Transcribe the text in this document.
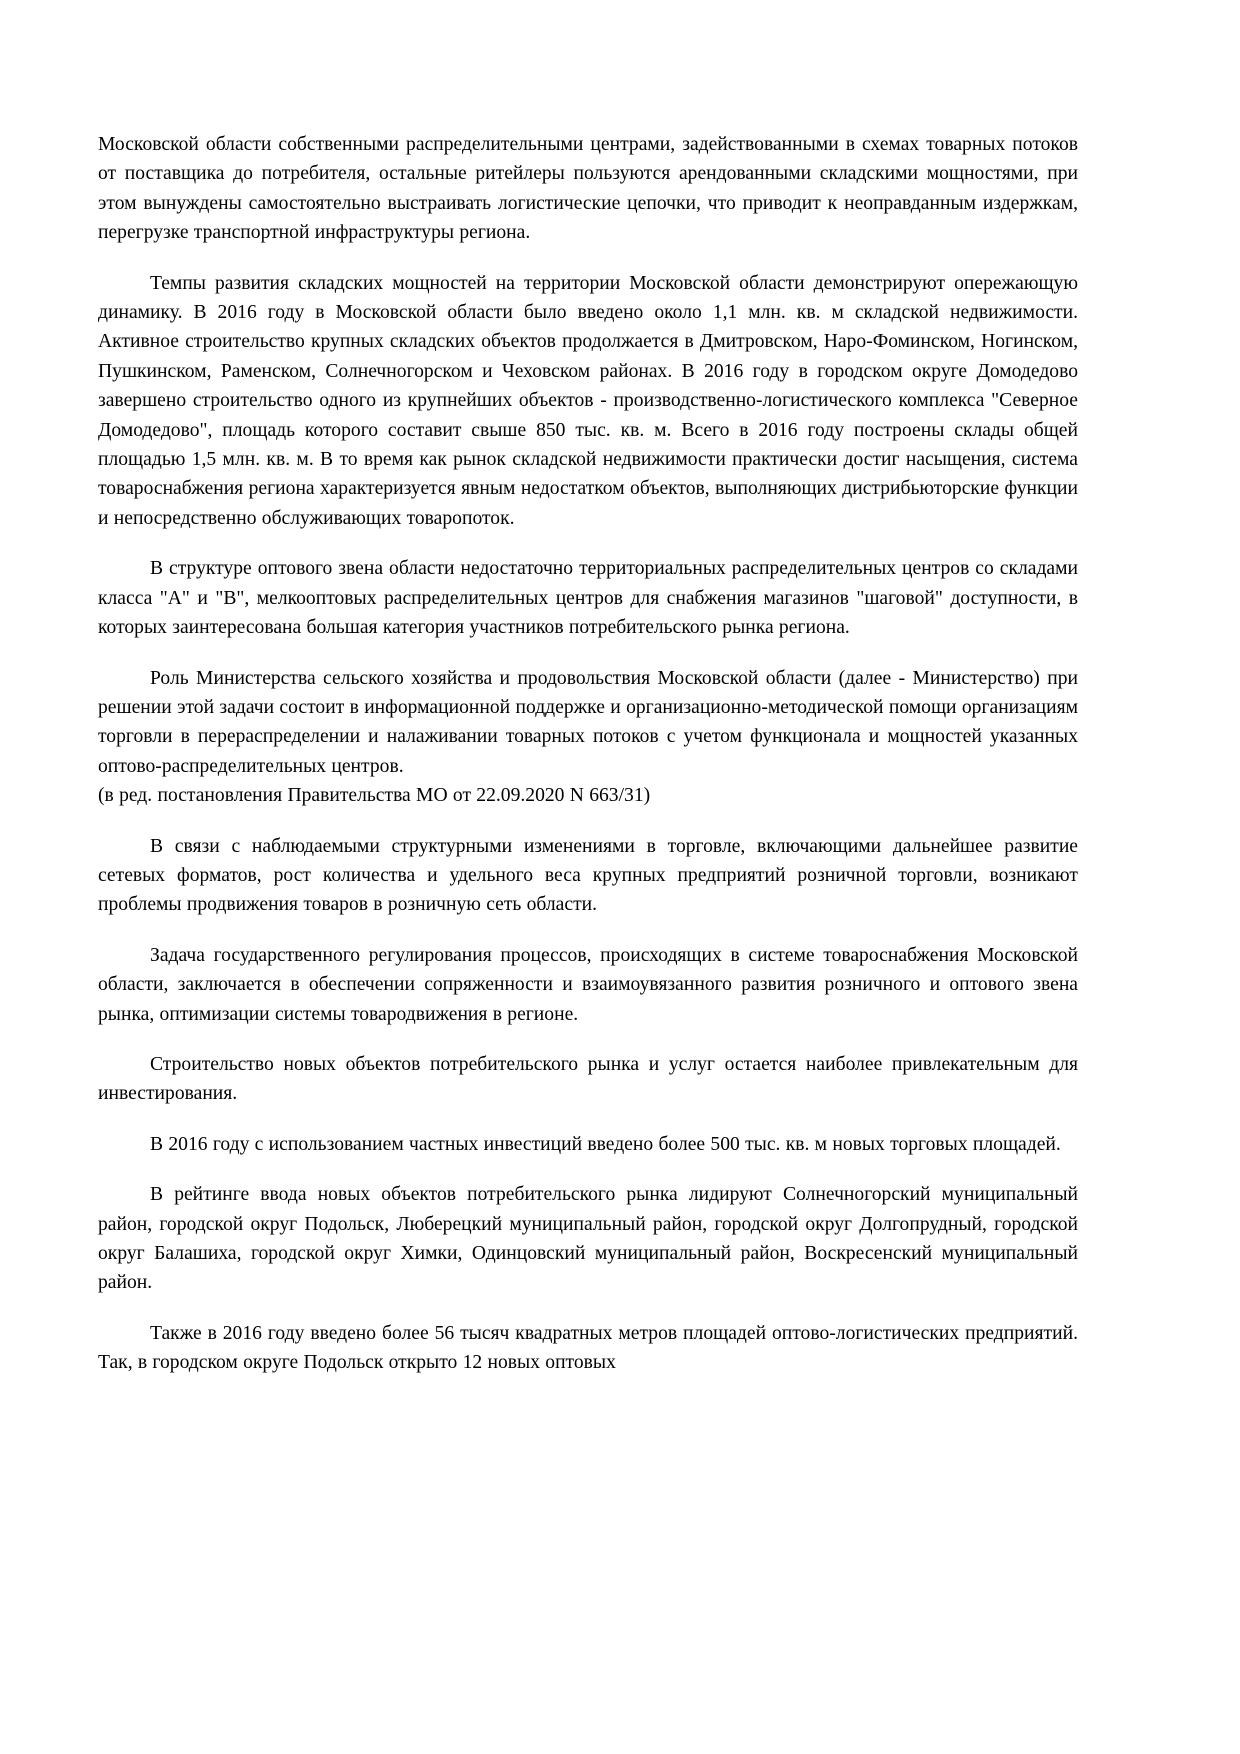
Московской области собственными распределительными центрами, задействованными в схемах товарных потоков от поставщика до потребителя, остальные ритейлеры пользуются арендованными складскими мощностями, при этом вынуждены самостоятельно выстраивать логистические цепочки, что приводит к неоправданным издержкам, перегрузке транспортной инфраструктуры региона.

Темпы развития складских мощностей на территории Московской области демонстрируют опережающую динамику. В 2016 году в Московской области было введено около 1,1 млн. кв. м складской недвижимости. Активное строительство крупных складских объектов продолжается в Дмитровском, Наро-Фоминском, Ногинском, Пушкинском, Раменском, Солнечногорском и Чеховском районах. В 2016 году в городском округе Домодедово завершено строительство одного из крупнейших объектов - производственно-логистического комплекса "Северное Домодедово", площадь которого составит свыше 850 тыс. кв. м. Всего в 2016 году построены склады общей площадью 1,5 млн. кв. м. В то время как рынок складской недвижимости практически достиг насыщения, система товароснабжения региона характеризуется явным недостатком объектов, выполняющих дистрибьюторские функции и непосредственно обслуживающих товаропоток.

В структуре оптового звена области недостаточно территориальных распределительных центров со складами класса "А" и "В", мелкооптовых распределительных центров для снабжения магазинов "шаговой" доступности, в которых заинтересована большая категория участников потребительского рынка региона.

Роль Министерства сельского хозяйства и продовольствия Московской области (далее - Министерство) при решении этой задачи состоит в информационной поддержке и организационно-методической помощи организациям торговли в перераспределении и налаживании товарных потоков с учетом функционала и мощностей указанных оптово-распределительных центров.

(в ред. постановления Правительства МО от 22.09.2020 N 663/31)

В связи с наблюдаемыми структурными изменениями в торговле, включающими дальнейшее развитие сетевых форматов, рост количества и удельного веса крупных предприятий розничной торговли, возникают проблемы продвижения товаров в розничную сеть области.

Задача государственного регулирования процессов, происходящих в системе товароснабжения Московской области, заключается в обеспечении сопряженности и взаимоувязанного развития розничного и оптового звена рынка, оптимизации системы товародвижения в регионе.

Строительство новых объектов потребительского рынка и услуг остается наиболее привлекательным для инвестирования.

В 2016 году с использованием частных инвестиций введено более 500 тыс. кв. м новых торговых площадей.

В рейтинге ввода новых объектов потребительского рынка лидируют Солнечногорский муниципальный район, городской округ Подольск, Люберецкий муниципальный район, городской округ Долгопрудный, городской округ Балашиха, городской округ Химки, Одинцовский муниципальный район, Воскресенский муниципальный район.

Также в 2016 году введено более 56 тысяч квадратных метров площадей оптово-логистических предприятий. Так, в городском округе Подольск открыто 12 новых оптовых
